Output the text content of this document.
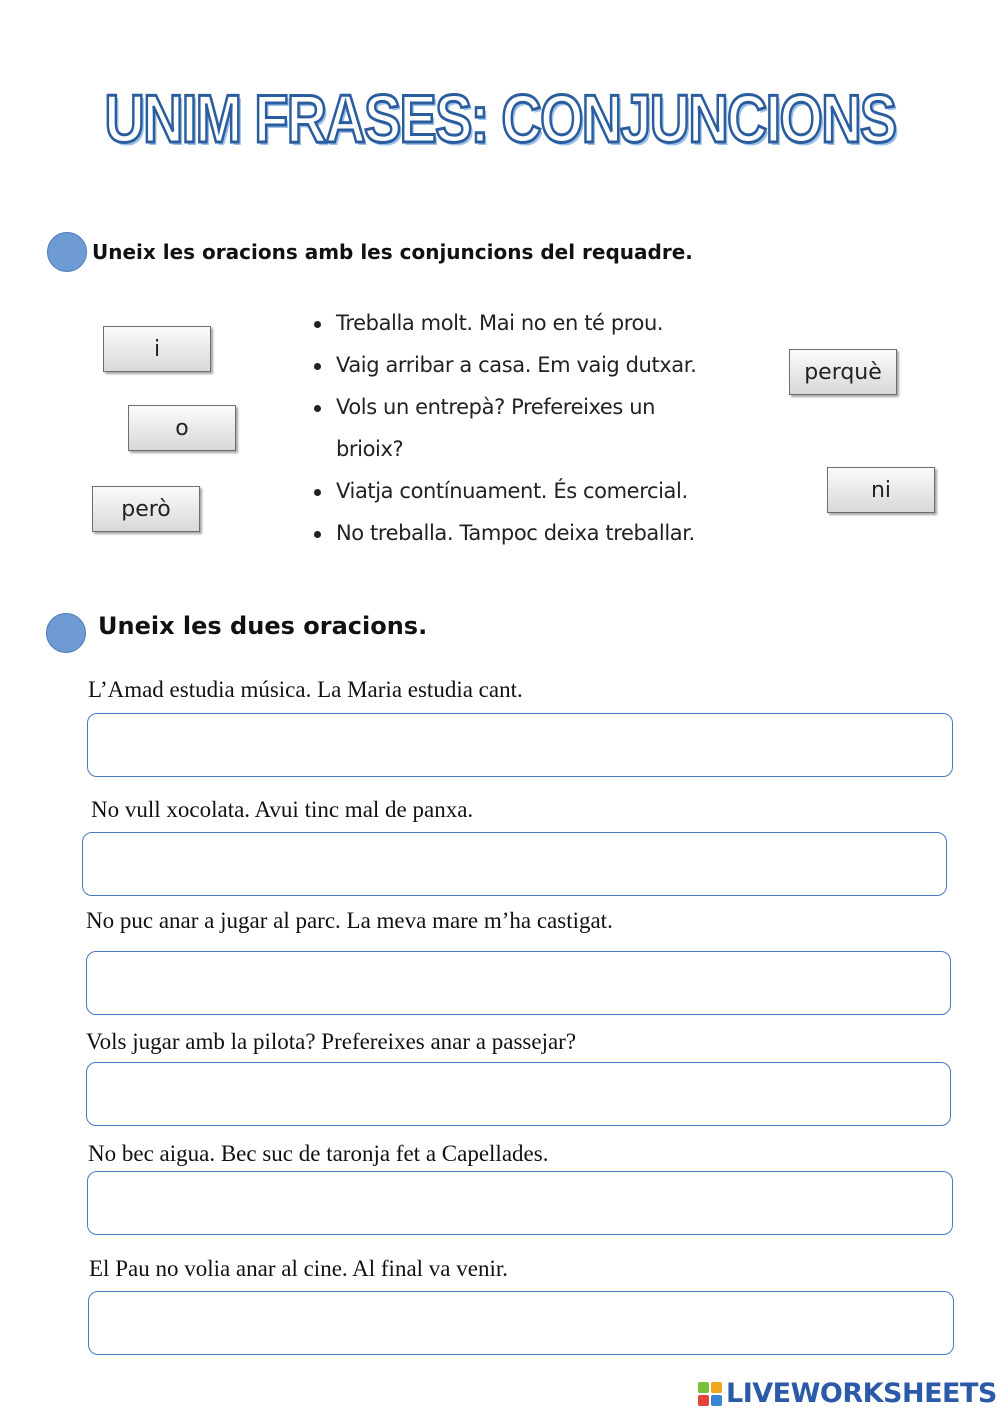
UNIM FRASES: CONJUNCIONS
Uneix les oracions amb les conjuncions del requadre.
i
o
perquè
però
ni
Treballa molt. Mai no en té prou.
Vaig arribar a casa. Em vaig dutxar.
Vols un entrepà? Prefereixes un
brioix?
Viatja contínuament. És comercial.
No treballa. Tampoc deixa treballar.
Uneix les dues oracions.
L’Amad estudia música. La Maria estudia cant.
No vull xocolata. Avui tinc mal de panxa.
No puc anar a jugar al parc. La meva mare m’ha castigat.
Vols jugar amb la pilota? Prefereixes anar a passejar?
No bec aigua. Bec suc de taronja fet a Capellades.
El Pau no volia anar al cine. Al final va venir.
LIVEWORKSHEETS
